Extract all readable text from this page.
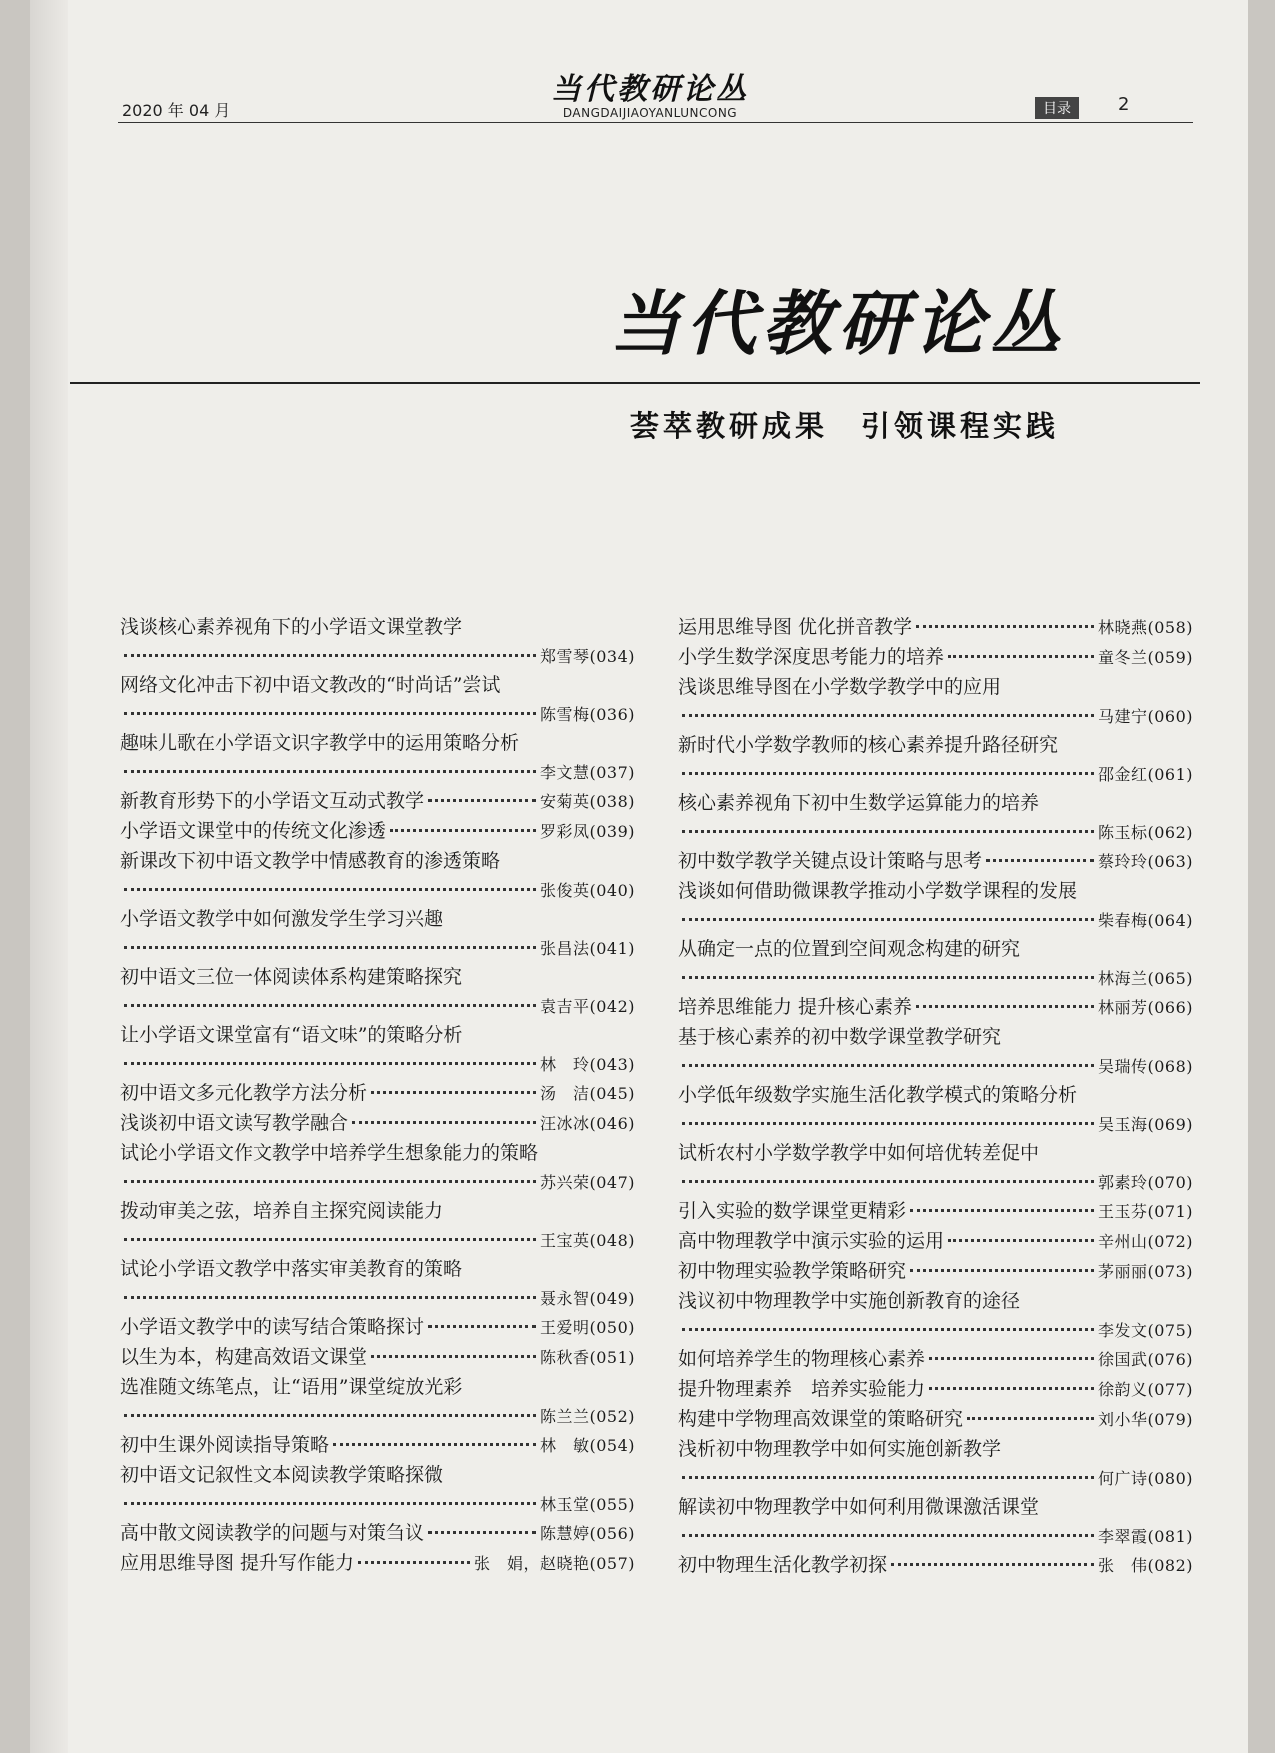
2020 年 04 月
当代教研论丛
DANGDAIJIAOYANLUNCONG	目录	2
当代教研论丛
荟萃教研成果　引领课程实践
浅谈核心素养视角下的小学语文课堂教学
郑雪琴(034)
网络文化冲击下初中语文教改的“时尚话”尝试
陈雪梅(036)
趣味儿歌在小学语文识字教学中的运用策略分析
李文慧(037)
新教育形势下的小学语文互动式教学	安菊英(038)
小学语文课堂中的传统文化渗透	罗彩凤(039)
新课改下初中语文教学中情感教育的渗透策略
张俊英(040)
小学语文教学中如何激发学生学习兴趣
张昌法(041)
初中语文三位一体阅读体系构建策略探究
袁吉平(042)
让小学语文课堂富有“语文味”的策略分析
林　玲(043)
初中语文多元化教学方法分析	汤　洁(045)
浅谈初中语文读写教学融合	汪冰冰(046)
试论小学语文作文教学中培养学生想象能力的策略
苏兴荣(047)
拨动审美之弦，培养自主探究阅读能力
王宝英(048)
试论小学语文教学中落实审美教育的策略
聂永智(049)
小学语文教学中的读写结合策略探讨	王爱明(050)
以生为本，构建高效语文课堂	陈秋香(051)
选准随文练笔点，让“语用”课堂绽放光彩
陈兰兰(052)
初中生课外阅读指导策略	林　敏(054)
初中语文记叙性文本阅读教学策略探微
林玉堂(055)
高中散文阅读教学的问题与对策刍议	陈慧婷(056)
应用思维导图 提升写作能力	张　娟，赵晓艳(057)
运用思维导图 优化拼音教学	林晓燕(058)
小学生数学深度思考能力的培养	童冬兰(059)
浅谈思维导图在小学数学教学中的应用
马建宁(060)
新时代小学数学教师的核心素养提升路径研究
邵金红(061)
核心素养视角下初中生数学运算能力的培养
陈玉标(062)
初中数学教学关键点设计策略与思考	蔡玲玲(063)
浅谈如何借助微课教学推动小学数学课程的发展
柴春梅(064)
从确定一点的位置到空间观念构建的研究
林海兰(065)
培养思维能力 提升核心素养	林丽芳(066)
基于核心素养的初中数学课堂教学研究
吴瑞传(068)
小学低年级数学实施生活化教学模式的策略分析
吴玉海(069)
试析农村小学数学教学中如何培优转差促中
郭素玲(070)
引入实验的数学课堂更精彩	王玉芬(071)
高中物理教学中演示实验的运用	辛州山(072)
初中物理实验教学策略研究	茅丽丽(073)
浅议初中物理教学中实施创新教育的途径
李发文(075)
如何培养学生的物理核心素养	徐国武(076)
提升物理素养　培养实验能力	徐韵义(077)
构建中学物理高效课堂的策略研究	刘小华(079)
浅析初中物理教学中如何实施创新教学
何广诗(080)
解读初中物理教学中如何利用微课激活课堂
李翠霞(081)
初中物理生活化教学初探	张　伟(082)
